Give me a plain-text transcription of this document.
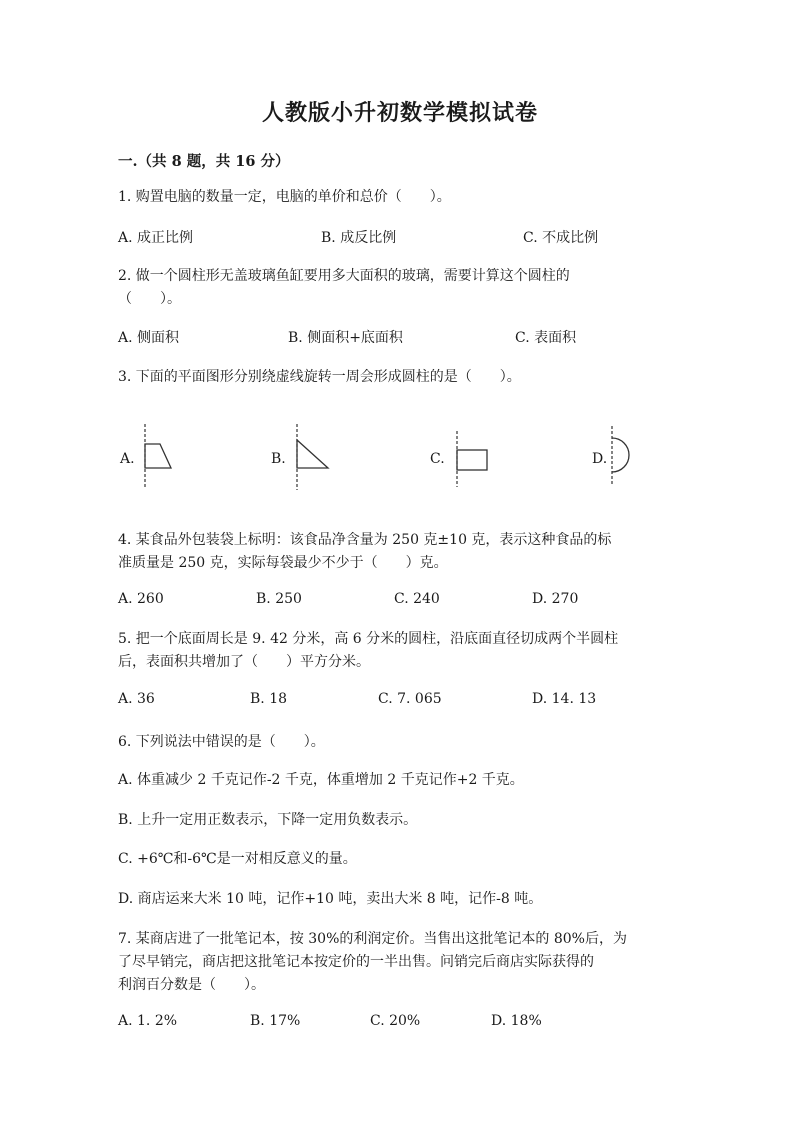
人教版小升初数学模拟试卷
一.（共 8 题，共 16 分）
1. 购置电脑的数量一定，电脑的单价和总价（　　）。
A. 成正比例	B. 成反比例	C. 不成比例
2. 做一个圆柱形无盖玻璃鱼缸要用多大面积的玻璃，需要计算这个圆柱的
（　　）。
A. 侧面积	B. 侧面积+底面积	C. 表面积
3. 下面的平面图形分别绕虚线旋转一周会形成圆柱的是（　　）。
A.	B.	C.	D.
4. 某食品外包装袋上标明：该食品净含量为 250 克±10 克，表示这种食品的标
准质量是 250 克，实际每袋最少不少于（　　）克。
A. 260	B. 250	C. 240	D. 270
5. 把一个底面周长是 9. 42 分米，高 6 分米的圆柱，沿底面直径切成两个半圆柱
后，表面积共增加了（　　）平方分米。
A. 36	B. 18	C. 7. 065	D. 14. 13
6. 下列说法中错误的是（　　）。
A. 体重减少 2 千克记作-2 千克，体重增加 2 千克记作+2 千克。
B. 上升一定用正数表示，下降一定用负数表示。
C. +6℃和-6℃是一对相反意义的量。
D. 商店运来大米 10 吨，记作+10 吨，卖出大米 8 吨，记作-8 吨。
7. 某商店进了一批笔记本，按 30%的利润定价。当售出这批笔记本的 80%后，为
了尽早销完，商店把这批笔记本按定价的一半出售。问销完后商店实际获得的
利润百分数是（　　）。
A. 1. 2%	B. 17%	C. 20%	D. 18%
